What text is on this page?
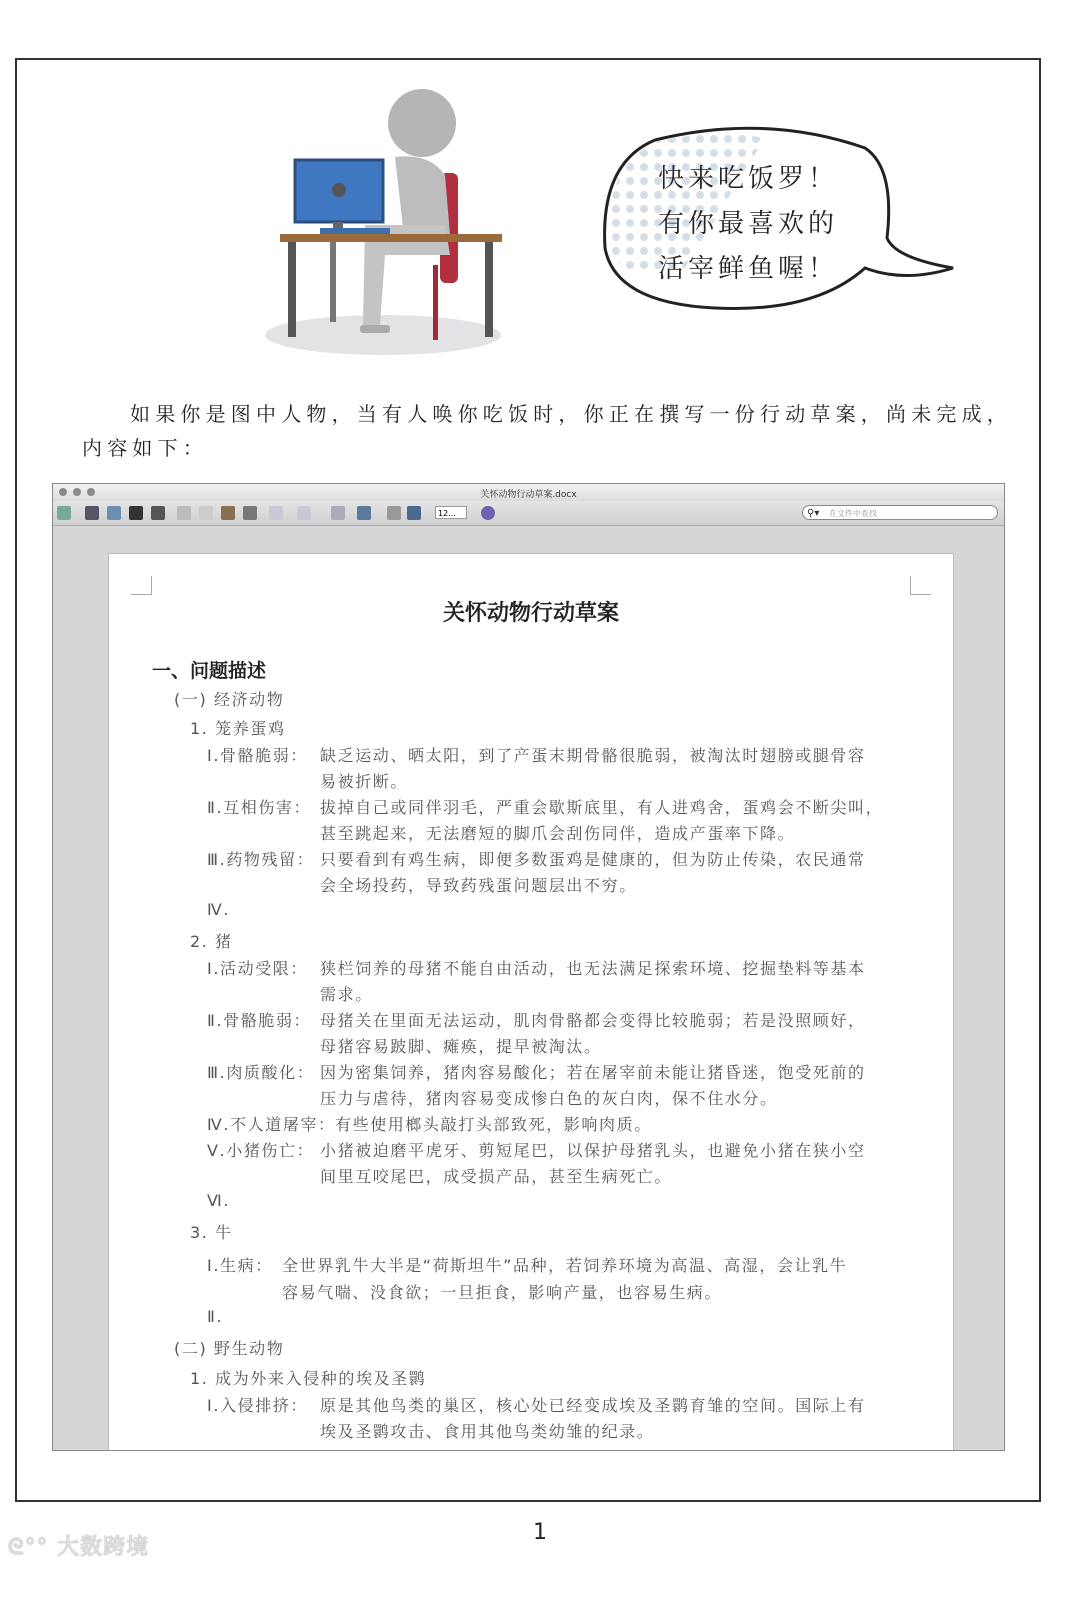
快来吃饭罗！
有你最喜欢的
活宰鲜鱼喔！
如果你是图中人物，当有人唤你吃饭时，你正在撰写一份行动草案，尚未完成，
内容如下：
关怀动物行动草案.docx
12...	⚲▾ 在文件中查找
关怀动物行动草案
一、问题描述
(一) 经济动物
1. 笼养蛋鸡
Ⅰ.骨骼脆弱： 缺乏运动、晒太阳，到了产蛋末期骨骼很脆弱，被淘汰时翅膀或腿骨容
易被折断。
Ⅱ.互相伤害： 拔掉自己或同伴羽毛，严重会歇斯底里，有人进鸡舍，蛋鸡会不断尖叫，
甚至跳起来，无法磨短的脚爪会刮伤同伴，造成产蛋率下降。
Ⅲ.药物残留： 只要看到有鸡生病，即便多数蛋鸡是健康的，但为防止传染，农民通常
会全场投药，导致药残蛋问题层出不穷。
Ⅳ.
2. 猪
Ⅰ.活动受限： 狭栏饲养的母猪不能自由活动，也无法满足探索环境、挖掘垫料等基本
需求。
Ⅱ.骨骼脆弱： 母猪关在里面无法运动，肌肉骨骼都会变得比较脆弱；若是没照顾好，
母猪容易跛脚、瘫痪，提早被淘汰。
Ⅲ.肉质酸化： 因为密集饲养，猪肉容易酸化；若在屠宰前未能让猪昏迷，饱受死前的
压力与虐待，猪肉容易变成惨白色的灰白肉，保不住水分。
Ⅳ.不人道屠宰： 有些使用榔头敲打头部致死，影响肉质。
Ⅴ.小猪伤亡： 小猪被迫磨平虎牙、剪短尾巴，以保护母猪乳头，也避免小猪在狭小空
间里互咬尾巴，成受损产品，甚至生病死亡。
Ⅵ.
3. 牛
Ⅰ.生病： 全世界乳牛大半是“荷斯坦牛”品种，若饲养环境为高温、高湿，会让乳牛
容易气喘、没食欲；一旦拒食，影响产量，也容易生病。
Ⅱ.
(二) 野生动物
1. 成为外来入侵种的埃及圣鹮
Ⅰ.入侵排挤： 原是其他鸟类的巢区，核心处已经变成埃及圣鹮育雏的空间。国际上有
埃及圣鹮攻击、食用其他鸟类幼雏的纪录。
1
ᘓ°° 大数跨境
